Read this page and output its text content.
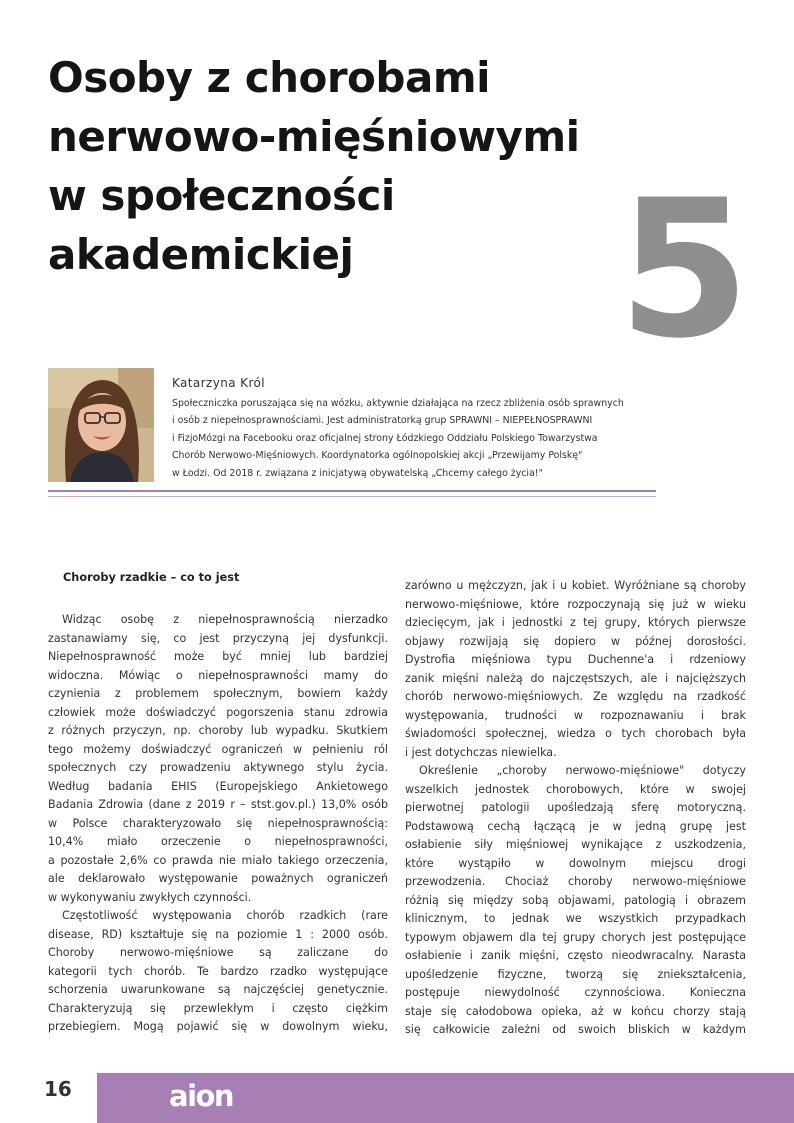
Osoby z chorobami
nerwowo-mięśniowymi
w społeczności
akademickiej	5
Katarzyna Król
Społeczniczka poruszająca się na wózku, aktywnie działająca na rzecz zbliżenia osób sprawnych
i osób z niepełnosprawnościami. Jest administratorką grup SPRAWNI – NIEPEŁNOSPRAWNI
i FizjoMózgi na Facebooku oraz oficjalnej strony Łódzkiego Oddziału Polskiego Towarzystwa
Chorób Nerwowo-Mięśniowych. Koordynatorka ogólnopolskiej akcji „Przewijamy Polskę"
w Łodzi. Od 2018 r. związana z inicjatywą obywatelską „Chcemy całego życia!"
Choroby rzadkie – co to jest
Widząc osobę z niepełnosprawnością nierzadko
zastanawiamy się, co jest przyczyną jej dysfunkcji.
Niepełnosprawność może być mniej lub bardziej
widoczna. Mówiąc o niepełnosprawności mamy do
czynienia z problemem społecznym, bowiem każdy
człowiek może doświadczyć pogorszenia stanu zdrowia
z różnych przyczyn, np. choroby lub wypadku. Skutkiem
tego możemy doświadczyć ograniczeń w pełnieniu ról
społecznych czy prowadzeniu aktywnego stylu życia.
Według badania EHIS (Europejskiego Ankietowego
Badania Zdrowia (dane z 2019 r – stst.gov.pl.) 13,0% osób
w Polsce charakteryzowało się niepełnosprawnością:
10,4% miało orzeczenie o niepełnosprawności,
a pozostałe 2,6% co prawda nie miało takiego orzeczenia,
ale deklarowało występowanie poważnych ograniczeń
w wykonywaniu zwykłych czynności.
Częstotliwość występowania chorób rzadkich (rare
disease, RD) kształtuje się na poziomie 1 : 2000 osób.
Choroby nerwowo-mięśniowe są zaliczane do
kategorii tych chorób. Te bardzo rzadko występujące
schorzenia uwarunkowane są najczęściej genetycznie.
Charakteryzują się przewlekłym i często ciężkim
przebiegiem. Mogą pojawić się w dowolnym wieku,
zarówno u mężczyzn, jak i u kobiet. Wyróżniane są choroby
nerwowo-mięśniowe, które rozpoczynają się już w wieku
dziecięcym, jak i jednostki z tej grupy, których pierwsze
objawy rozwijają się dopiero w późnej dorosłości.
Dystrofia mięśniowa typu Duchenne'a i rdzeniowy
zanik mięśni należą do najczęstszych, ale i najcięższych
chorób nerwowo-mięśniowych. Ze względu na rzadkość
występowania, trudności w rozpoznawaniu i brak
świadomości społecznej, wiedza o tych chorobach była
i jest dotychczas niewielka.
Określenie „choroby nerwowo-mięśniowe" dotyczy
wszelkich jednostek chorobowych, które w swojej
pierwotnej patologii upośledzają sferę motoryczną.
Podstawową cechą łączącą je w jedną grupę jest
osłabienie siły mięśniowej wynikające z uszkodzenia,
które wystąpiło w dowolnym miejscu drogi
przewodzenia. Chociaż choroby nerwowo-mięśniowe
różnią się między sobą objawami, patologią i obrazem
klinicznym, to jednak we wszystkich przypadkach
typowym objawem dla tej grupy chorych jest postępujące
osłabienie i zanik mięśni, często nieodwracalny. Narasta
upośledzenie fizyczne, tworzą się zniekształcenia,
postępuje niewydolność czynnościowa. Konieczna
staje się całodobowa opieka, aż w końcu chorzy stają
się całkowicie zależni od swoich bliskich w każdym
16	aion
